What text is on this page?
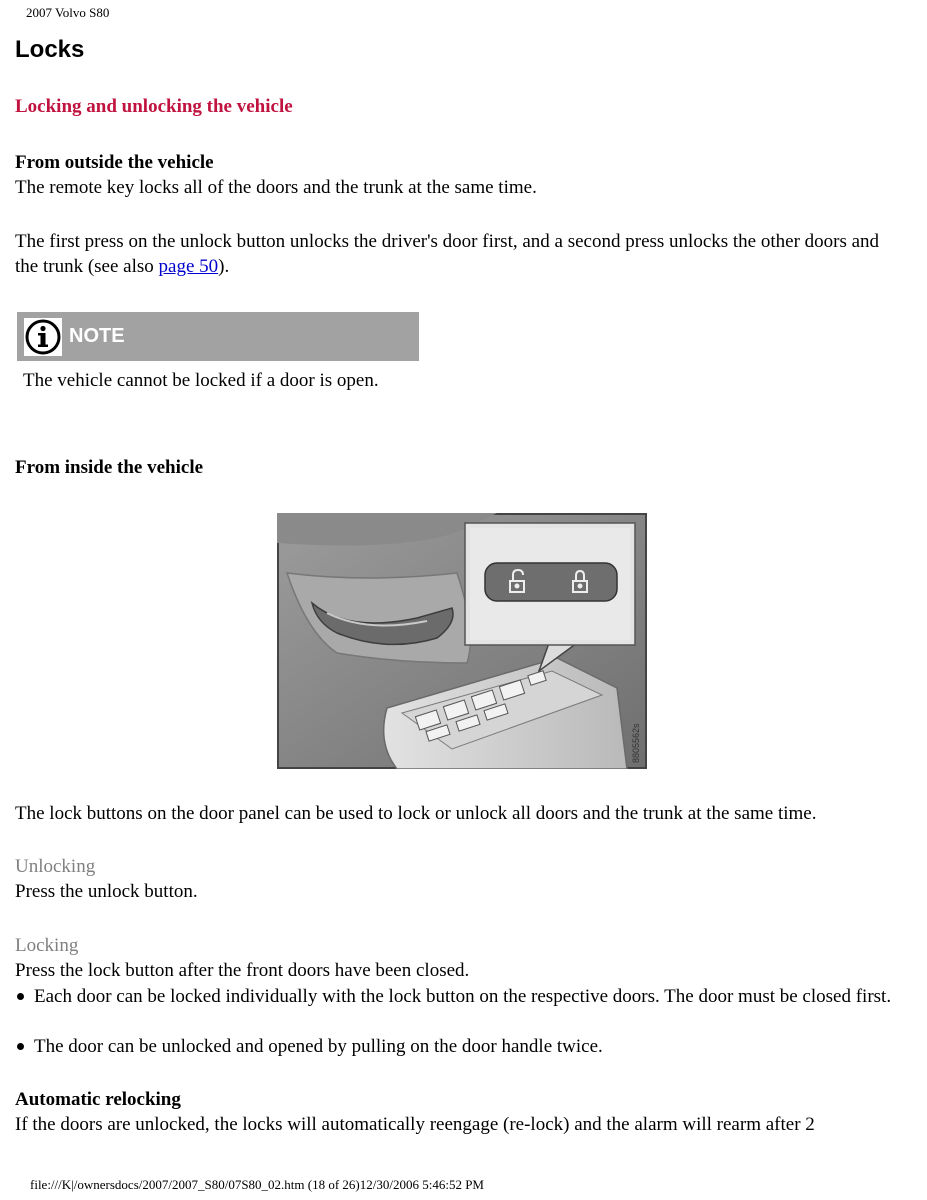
2007 Volvo S80
Locks
Locking and unlocking the vehicle
From outside the vehicle
The remote key locks all of the doors and the trunk at the same time.
The first press on the unlock button unlocks the driver's door first, and a second press unlocks the other doors and the trunk (see also page 50).
NOTE
The vehicle cannot be locked if a door is open.
From inside the vehicle
8805562s
The lock buttons on the door panel can be used to lock or unlock all doors and the trunk at the same time.
Unlocking
Press the unlock button.
Locking
Press the lock button after the front doors have been closed.
Each door can be locked individually with the lock button on the respective doors. The door must be closed first.
The door can be unlocked and opened by pulling on the door handle twice.
Automatic relocking
If the doors are unlocked, the locks will automatically reengage (re-lock) and the alarm will rearm after 2
file:///K|/ownersdocs/2007/2007_S80/07S80_02.htm (18 of 26)12/30/2006 5:46:52 PM
